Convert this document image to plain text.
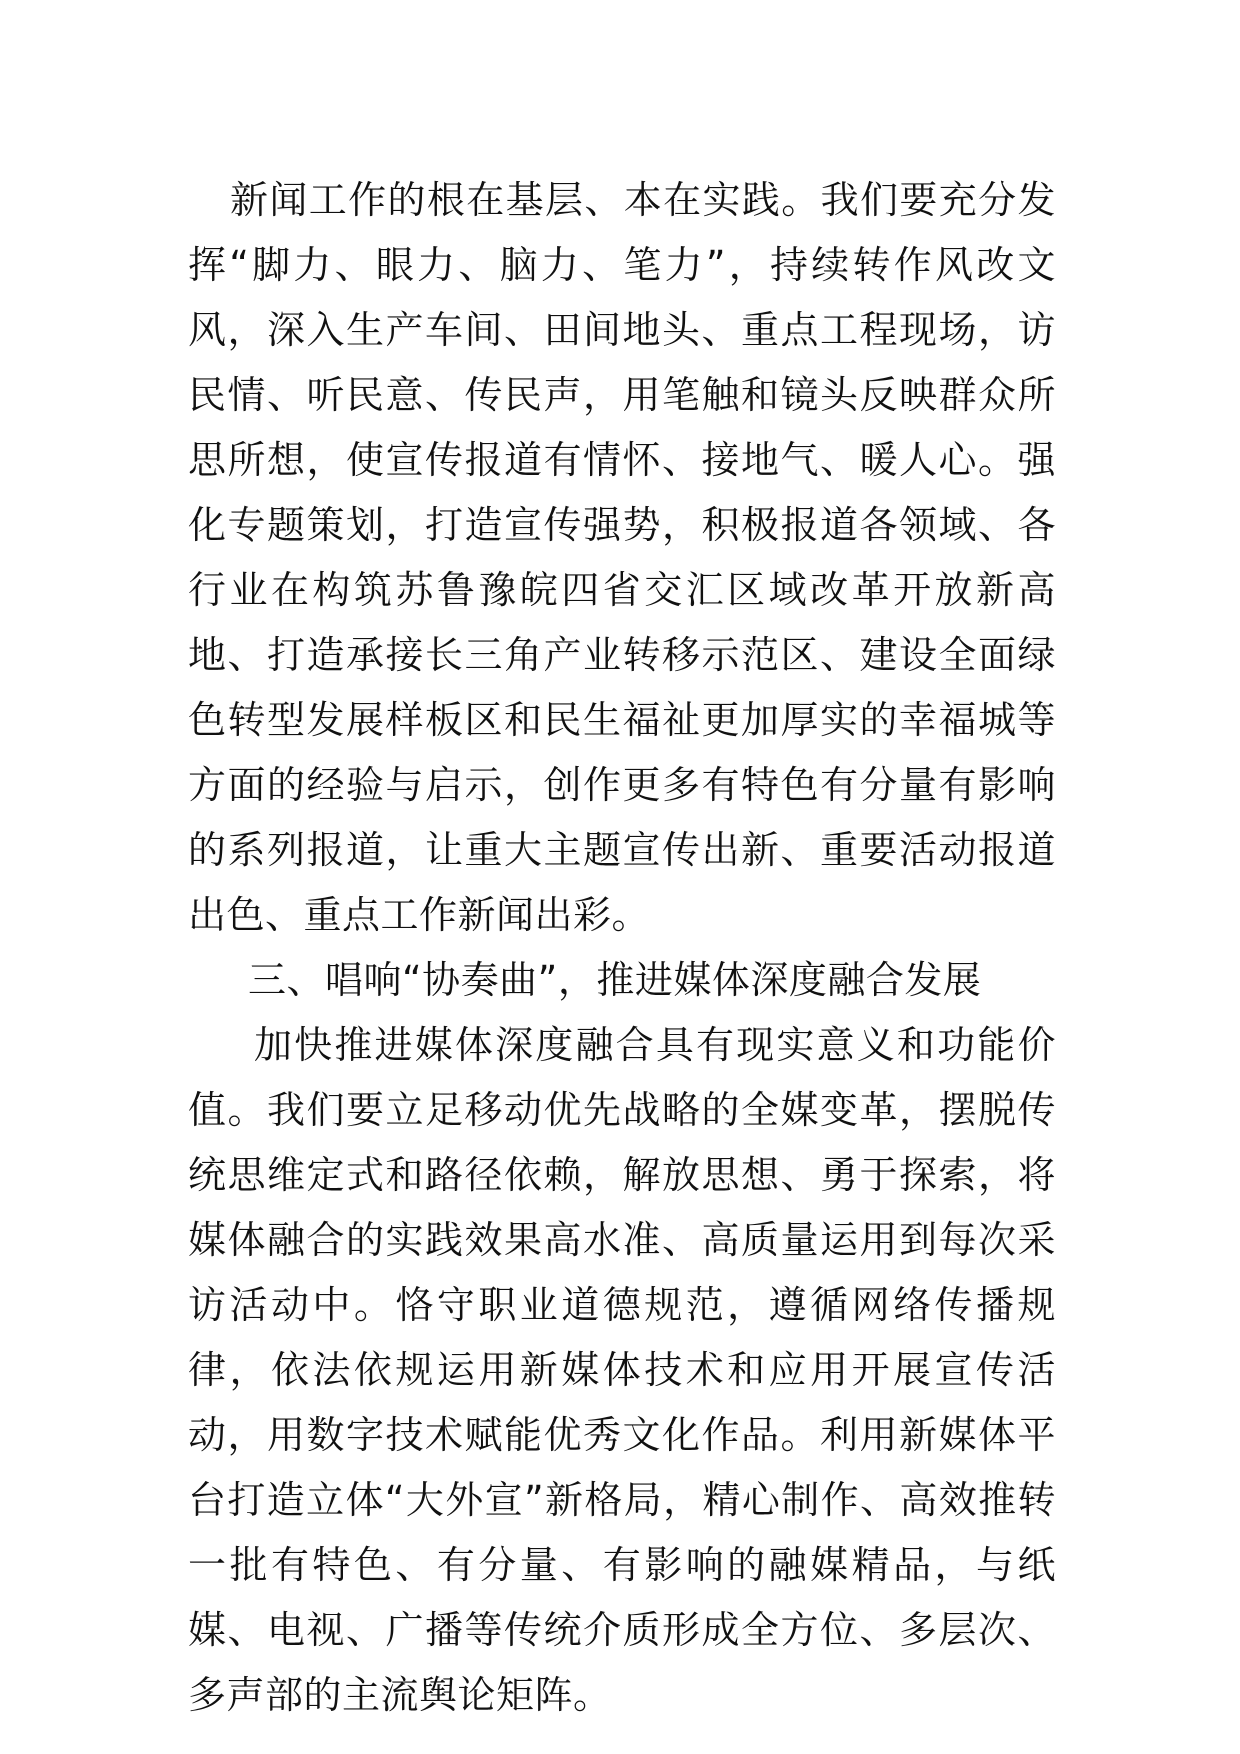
新闻工作的根在基层、本在实践。我们要充分发挥“脚力、眼力、脑力、笔力”，持续转作风改文风，深入生产车间、田间地头、重点工程现场，访民情、听民意、传民声，用笔触和镜头反映群众所思所想，使宣传报道有情怀、接地气、暖人心。强化专题策划，打造宣传强势，积极报道各领域、各行业在构筑苏鲁豫皖四省交汇区域改革开放新高地、打造承接长三角产业转移示范区、建设全面绿色转型发展样板区和民生福祉更加厚实的幸福城等方面的经验与启示，创作更多有特色有分量有影响的系列报道，让重大主题宣传出新、重要活动报道出色、重点工作新闻出彩。

三、唱响“协奏曲”，推进媒体深度融合发展

加快推进媒体深度融合具有现实意义和功能价值。我们要立足移动优先战略的全媒变革，摆脱传统思维定式和路径依赖，解放思想、勇于探索，将媒体融合的实践效果高水准、高质量运用到每次采访活动中。恪守职业道德规范，遵循网络传播规律，依法依规运用新媒体技术和应用开展宣传活动，用数字技术赋能优秀文化作品。利用新媒体平台打造立体“大外宣”新格局，精心制作、高效推转一批有特色、有分量、有影响的融媒精品，与纸媒、电视、广播等传统介质形成全方位、多层次、多声部的主流舆论矩阵。
